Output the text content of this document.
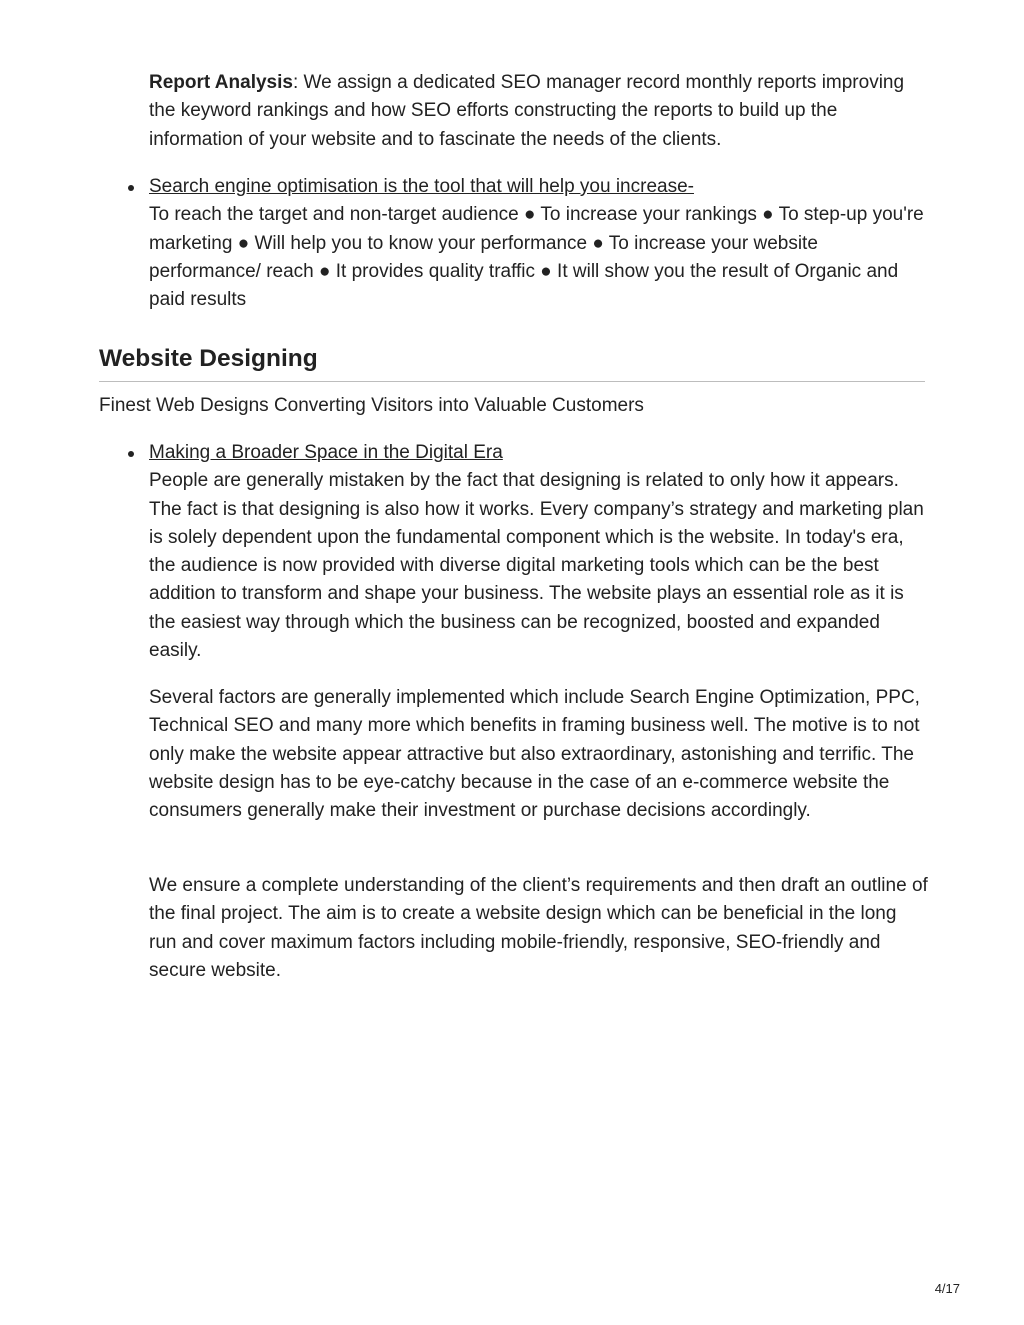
Report Analysis: We assign a dedicated SEO manager record monthly reports improving the keyword rankings and how SEO efforts constructing the reports to build up the information of your website and to fascinate the needs of the clients.

Search engine optimisation is the tool that will help you increase-
To reach the target and non-target audience ● To increase your rankings ● To step-up you're marketing ● Will help you to know your performance ● To increase your website performance/ reach ● It provides quality traffic ● It will show you the result of Organic and paid results

Website Designing

Finest Web Designs Converting Visitors into Valuable Customers

Making a Broader Space in the Digital Era
People are generally mistaken by the fact that designing is related to only how it appears. The fact is that designing is also how it works. Every company’s strategy and marketing plan is solely dependent upon the fundamental component which is the website. In today's era, the audience is now provided with diverse digital marketing tools which can be the best addition to transform and shape your business. The website plays an essential role as it is the easiest way through which the business can be recognized, boosted and expanded easily.

Several factors are generally implemented which include Search Engine Optimization, PPC, Technical SEO and many more which benefits in framing business well. The motive is to not only make the website appear attractive but also extraordinary, astonishing and terrific. The website design has to be eye-catchy because in the case of an e-commerce website the consumers generally make their investment or purchase decisions accordingly.

We ensure a complete understanding of the client’s requirements and then draft an outline of the final project. The aim is to create a website design which can be beneficial in the long run and cover maximum factors including mobile-friendly, responsive, SEO-friendly and secure website.

4/17
